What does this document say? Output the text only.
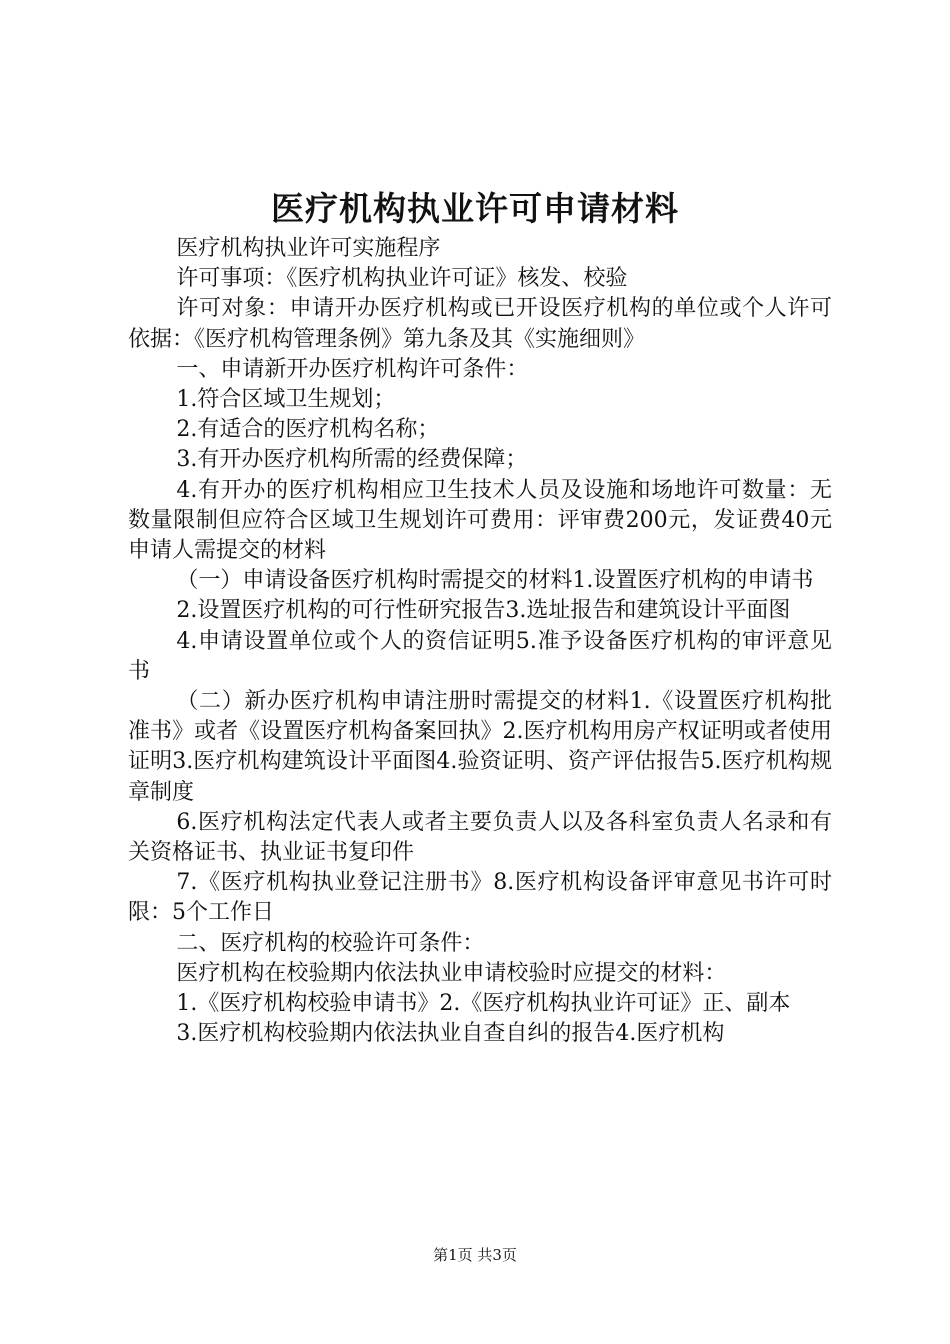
医疗机构执业许可申请材料

医疗机构执业许可实施程序

许可事项：《医疗机构执业许可证》核发、校验

许可对象：申请开办医疗机构或已开设医疗机构的单位或个人许可依据：《医疗机构管理条例》第九条及其《实施细则》

一、申请新开办医疗机构许可条件：

1.符合区域卫生规划；

2.有适合的医疗机构名称；

3.有开办医疗机构所需的经费保障；

4.有开办的医疗机构相应卫生技术人员及设施和场地许可数量：无数量限制但应符合区域卫生规划许可费用：评审费200元，发证费40元申请人需提交的材料

（一）申请设备医疗机构时需提交的材料1.设置医疗机构的申请书

2.设置医疗机构的可行性研究报告3.选址报告和建筑设计平面图

4.申请设置单位或个人的资信证明5.准予设备医疗机构的审评意见书

（二）新办医疗机构申请注册时需提交的材料1.《设置医疗机构批准书》或者《设置医疗机构备案回执》2.医疗机构用房产权证明或者使用证明3.医疗机构建筑设计平面图4.验资证明、资产评估报告5.医疗机构规章制度

6.医疗机构法定代表人或者主要负责人以及各科室负责人名录和有关资格证书、执业证书复印件

7.《医疗机构执业登记注册书》8.医疗机构设备评审意见书许可时限：5个工作日

二、医疗机构的校验许可条件：

医疗机构在校验期内依法执业申请校验时应提交的材料：

1.《医疗机构校验申请书》2.《医疗机构执业许可证》正、副本

3.医疗机构校验期内依法执业自查自纠的报告4.医疗机构

第1页 共3页
